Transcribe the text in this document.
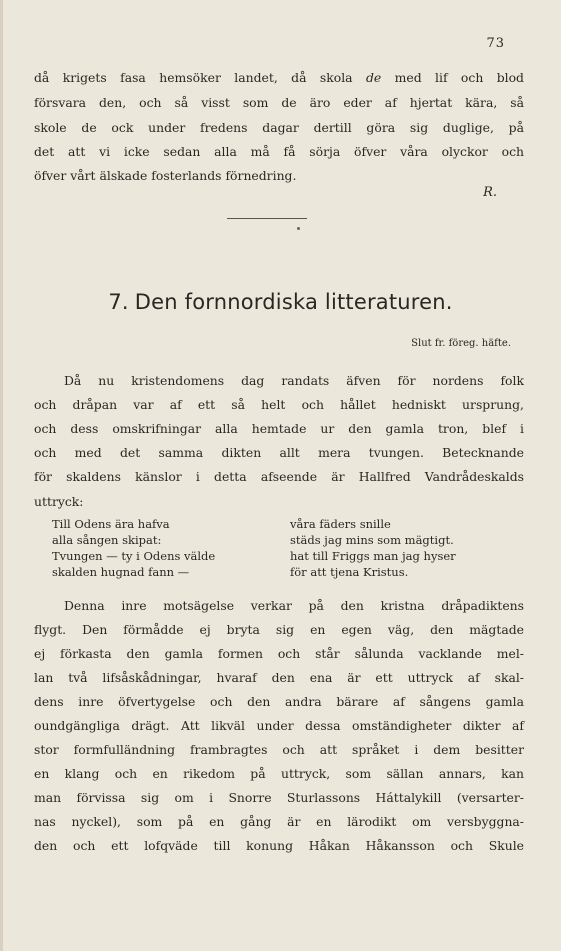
73
då krigets fasa hemsöker landet, då skola de med lif och blod
försvara den, och så visst som de äro eder af hjertat kära, så
skole de ock under fredens dagar dertill göra sig duglige, på
det att vi icke sedan alla må få sörja öfver våra olyckor och
öfver vårt älskade fosterlands förnedring.
R.
7. Den fornnordiska litteraturen.
Slut fr. föreg. häfte.
Då nu kristendomens dag randats äfven för nordens folk
och dråpan var af ett så helt och hållet hedniskt ursprung,
och dess omskrifningar alla hemtade ur den gamla tron, blef i
och med det samma dikten allt mera tvungen. Betecknande
för skaldens känslor i detta afseende är Hallfred Vandrådeskalds
uttryck:
Till Odens ära hafva
alla sången skipat:
Tvungen — ty i Odens välde
skalden hugnad fann —
våra fäders snille
städs jag mins som mägtigt.
hat till Friggs man jag hyser
för att tjena Kristus.
Denna inre motsägelse verkar på den kristna dråpadiktens
flygt. Den förmådde ej bryta sig en egen väg, den mägtade
ej förkasta den gamla formen och står sålunda vacklande mel-
lan två lifsåskådningar, hvaraf den ena är ett uttryck af skal-
dens inre öfvertygelse och den andra bärare af sångens gamla
oundgängliga drägt. Att likväl under dessa omständigheter dikter af
stor formfulländning frambragtes och att språket i dem besitter
en klang och en rikedom på uttryck, som sällan annars, kan
man förvissa sig om i Snorre Sturlassons Háttalykill (versarter-
nas nyckel), som på en gång är en lärodikt om versbyggna-
den och ett lofqväde till konung Håkan Håkansson och Skule
